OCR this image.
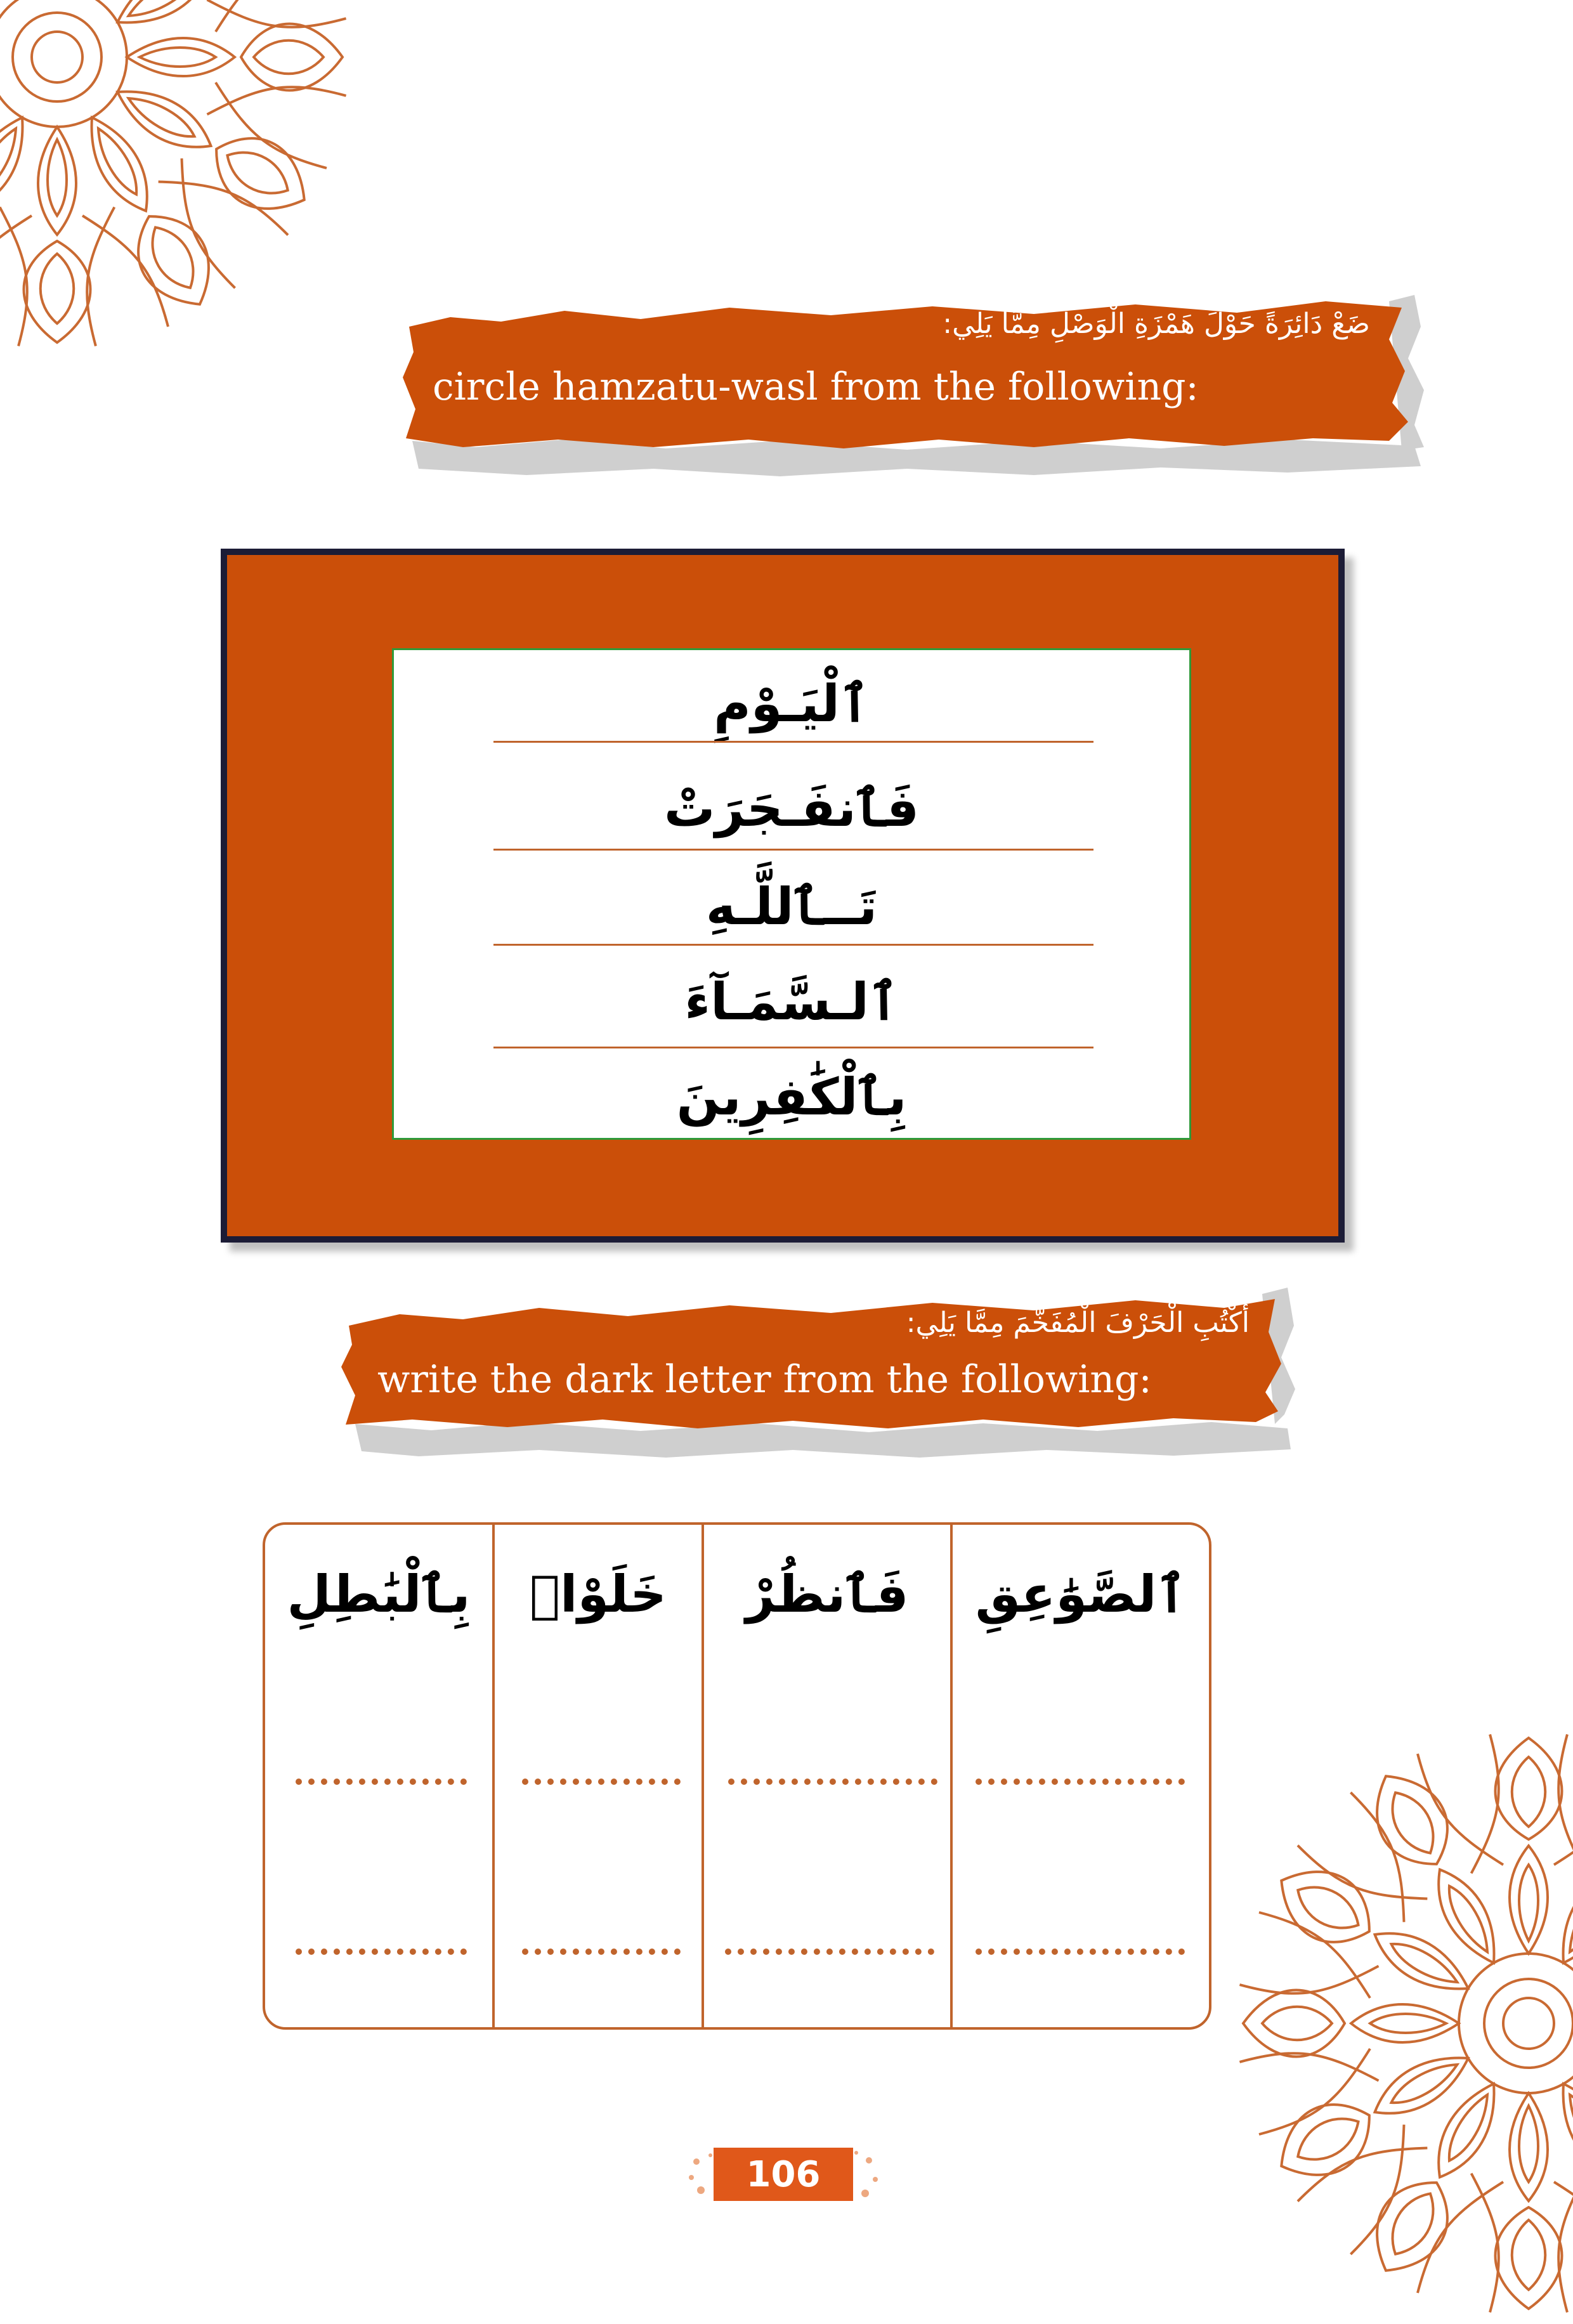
ضَعْ دَائِرَةً حَوْلَ هَمْزَةِ الْوَصْلِ مِمَّا يَلِي:
circle hamzatu-wasl from the following:
ٱلْيَـوْمِ
فَٱنفَـجَرَتْ
تَــٱللَّـهِ
ٱلـسَّمَـآءَ
بِٱلْكَٰفِرِينَ
أُكْتُبِ الْحَرْفَ الْمُفَخَّمَ مِمَّا يَلِي:
write the dark letter from the following:
ٱلصَّوَٰعِقِ
فَٱنظُرْ
خَلَوْا۟
بِٱلْبَٰطِلِ
106
